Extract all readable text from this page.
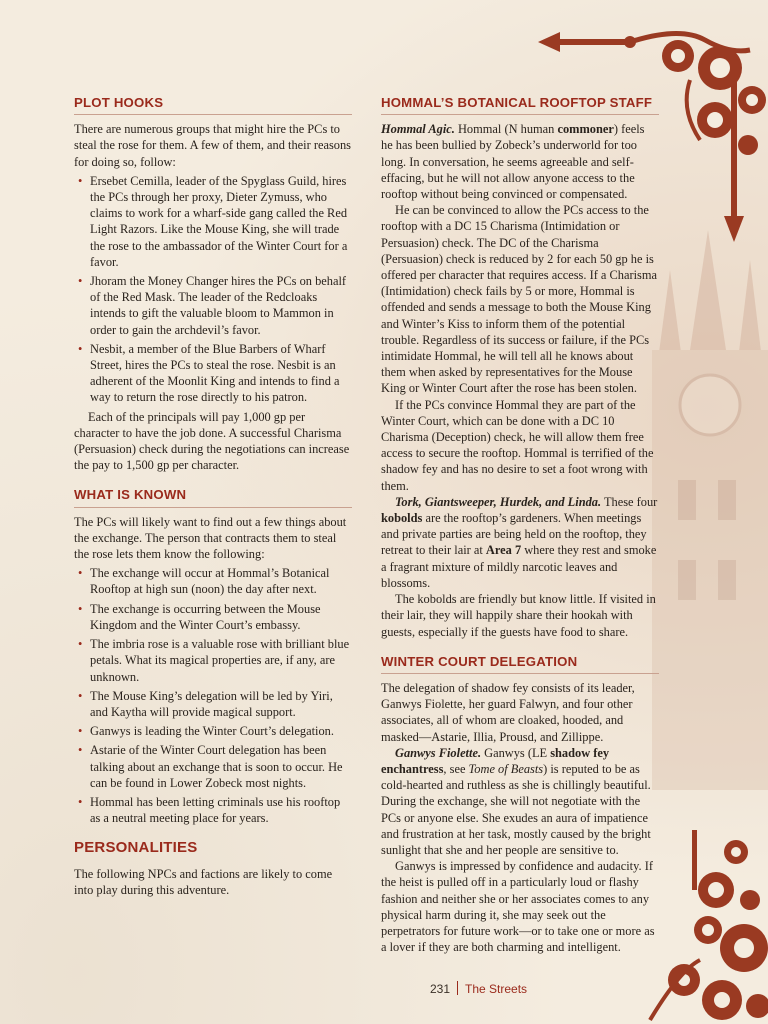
PLOT HOOKS

There are numerous groups that might hire the PCs to steal the rose for them. A few of them, and their reasons for doing so, follow:

• Ersebet Cemilla, leader of the Spyglass Guild, hires the PCs through her proxy, Dieter Zymuss, who claims to work for a wharf-side gang called the Red Light Razors. Like the Mouse King, she will trade the rose to the ambassador of the Winter Court for a favor.
• Jhoram the Money Changer hires the PCs on behalf of the Red Mask. The leader of the Redcloaks intends to gift the valuable bloom to Mammon in order to gain the archdevil’s favor.
• Nesbit, a member of the Blue Barbers of Wharf Street, hires the PCs to steal the rose. Nesbit is an adherent of the Moonlit King and intends to find a way to return the rose directly to his patron.

Each of the principals will pay 1,000 gp per character to have the job done. A successful Charisma (Persuasion) check during the negotiations can increase the pay to 1,500 gp per character.

WHAT IS KNOWN

The PCs will likely want to find out a few things about the exchange. The person that contracts them to steal the rose lets them know the following:

• The exchange will occur at Hommal’s Botanical Rooftop at high sun (noon) the day after next.
• The exchange is occurring between the Mouse Kingdom and the Winter Court’s embassy.
• The imbria rose is a valuable rose with brilliant blue petals. What its magical properties are, if any, are unknown.
• The Mouse King’s delegation will be led by Yiri, and Kaytha will provide magical support.
• Ganwys is leading the Winter Court’s delegation.
• Astarie of the Winter Court delegation has been talking about an exchange that is soon to occur. He can be found in Lower Zobeck most nights.
• Hommal has been letting criminals use his rooftop as a neutral meeting place for years.
PERSONALITIES

The following NPCs and factions are likely to come into play during this adventure.

HOMMAL’S BOTANICAL ROOFTOP STAFF

Hommal Agic. Hommal (N human commoner) feels he has been bullied by Zobeck’s underworld for too long. In conversation, he seems agreeable and self-effacing, but he will not allow anyone access to the rooftop without being convinced or compensated.

He can be convinced to allow the PCs access to the rooftop with a DC 15 Charisma (Intimidation or Persuasion) check. The DC of the Charisma (Persuasion) check is reduced by 2 for each 50 gp he is offered per character that requires access. If a Charisma (Intimidation) check fails by 5 or more, Hommal is offended and sends a message to both the Mouse King and Winter’s Kiss to inform them of the potential trouble. Regardless of its success or failure, if the PCs intimidate Hommal, he will tell all he knows about them when asked by representatives for the Mouse King or Winter Court after the rose has been stolen.

If the PCs convince Hommal they are part of the Winter Court, which can be done with a DC 10 Charisma (Deception) check, he will allow them free access to secure the rooftop. Hommal is terrified of the shadow fey and has no desire to set a foot wrong with them.

Tork, Giantsweeper, Hurdek, and Linda. These four kobolds are the rooftop’s gardeners. When meetings and private parties are being held on the rooftop, they retreat to their lair at Area 7 where they rest and smoke a fragrant mixture of mildly narcotic leaves and blossoms.

The kobolds are friendly but know little. If visited in their lair, they will happily share their hookah with guests, especially if the guests have food to share.

WINTER COURT DELEGATION

The delegation of shadow fey consists of its leader, Ganwys Fiolette, her guard Falwyn, and four other associates, all of whom are cloaked, hooded, and masked—Astarie, Illia, Prousd, and Zillippe.

Ganwys Fiolette. Ganwys (LE shadow fey enchantress, see Tome of Beasts) is reputed to be as cold-hearted and ruthless as she is chillingly beautiful. During the exchange, she will not negotiate with the PCs or anyone else. She exudes an aura of impatience and frustration at her task, mostly caused by the bright sunlight that she and her people are sensitive to.

Ganwys is impressed by confidence and audacity. If the heist is pulled off in a particularly loud or flashy fashion and neither she or her associates comes to any physical harm during it, she may seek out the perpetrators for future work—or to take one or more as a lover if they are both charming and intelligent.

231 The Streets
